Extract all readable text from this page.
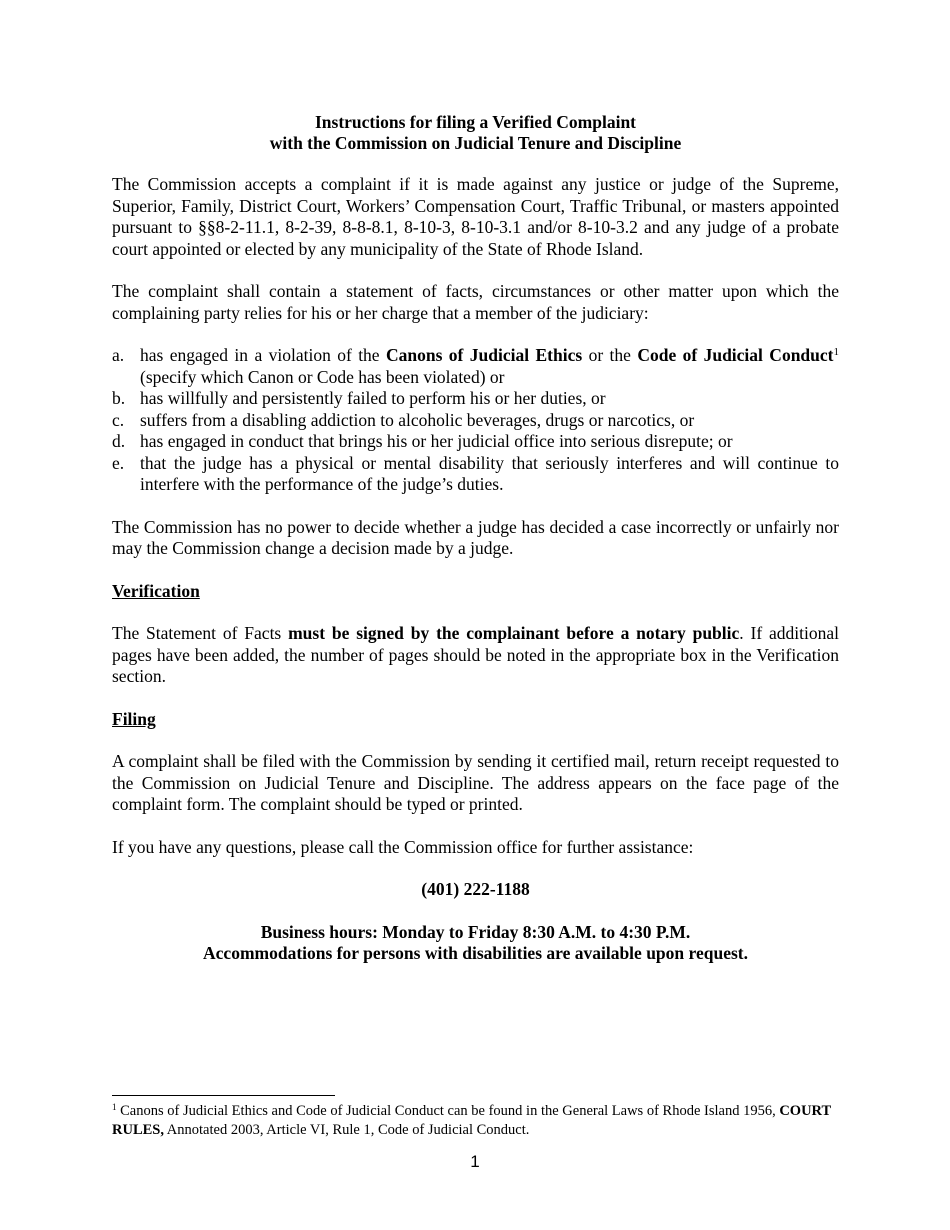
Instructions for filing a Verified Complaint
with the Commission on Judicial Tenure and Discipline

The Commission accepts a complaint if it is made against any justice or judge of the Supreme, Superior, Family, District Court, Workers’ Compensation Court, Traffic Tribunal, or masters appointed pursuant to §§8-2-11.1, 8-2-39, 8-8-8.1, 8-10-3, 8-10-3.1 and/or 8-10-3.2 and any judge of a probate court appointed or elected by any municipality of the State of Rhode Island.

The complaint shall contain a statement of facts, circumstances or other matter upon which the complaining party relies for his or her charge that a member of the judiciary:

a. has engaged in a violation of the Canons of Judicial Ethics or the Code of Judicial Conduct$^1$ (specify which Canon or Code has been violated) or
b. has willfully and persistently failed to perform his or her duties, or
c. suffers from a disabling addiction to alcoholic beverages, drugs or narcotics, or
d. has engaged in conduct that brings his or her judicial office into serious disrepute; or
e. that the judge has a physical or mental disability that seriously interferes and will continue to interfere with the performance of the judge’s duties.

The Commission has no power to decide whether a judge has decided a case incorrectly or unfairly nor may the Commission change a decision made by a judge.

Verification

The Statement of Facts must be signed by the complainant before a notary public. If additional pages have been added, the number of pages should be noted in the appropriate box in the Verification section.

Filing

A complaint shall be filed with the Commission by sending it certified mail, return receipt requested to the Commission on Judicial Tenure and Discipline. The address appears on the face page of the complaint form. The complaint should be typed or printed.

If you have any questions, please call the Commission office for further assistance:

(401) 222-1188
Business hours: Monday to Friday 8:30 A.M. to 4:30 P.M.
Accommodations for persons with disabilities are available upon request.
$^1$ Canons of Judicial Ethics and Code of Judicial Conduct can be found in the General Laws of Rhode Island 1956, COURT RULES, Annotated 2003, Article VI, Rule 1, Code of Judicial Conduct.
1
